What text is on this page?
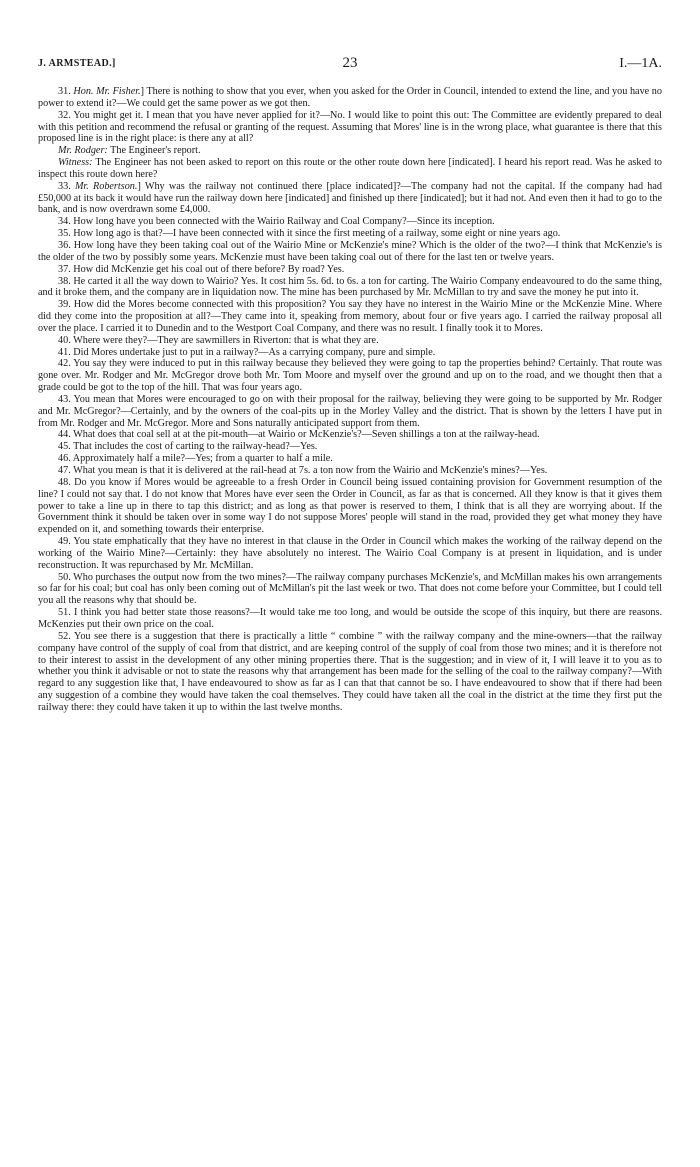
J. ARMSTEAD.]	23	I.—1A.

31. Hon. Mr. Fisher.] There is nothing to show that you ever, when you asked for the Order in Council, intended to extend the line, and you have no power to extend it?—We could get the same power as we got then.

32. You might get it. I mean that you have never applied for it?—No. I would like to point this out: The Committee are evidently prepared to deal with this petition and recommend the refusal or granting of the request. Assuming that Mores' line is in the wrong place, what guarantee is there that this proposed line is in the right place: is there any at all?

Mr. Rodger: The Engineer's report.

Witness: The Engineer has not been asked to report on this route or the other route down here [indicated]. I heard his report read. Was he asked to inspect this route down here?

33. Mr. Robertson.] Why was the railway not continued there [place indicated]?—The company had not the capital. If the company had had £50,000 at its back it would have run the railway down here [indicated] and finished up there [indicated]; but it had not. And even then it had to go to the bank, and is now overdrawn some £4,000.

34. How long have you been connected with the Wairio Railway and Coal Company?—Since its inception.

35. How long ago is that?—I have been connected with it since the first meeting of a railway, some eight or nine years ago.

36. How long have they been taking coal out of the Wairio Mine or McKenzie's mine? Which is the older of the two?—I think that McKenzie's is the older of the two by possibly some years. McKenzie must have been taking coal out of there for the last ten or twelve years.

37. How did McKenzie get his coal out of there before? By road? Yes.

38. He carted it all the way down to Wairio? Yes. It cost him 5s. 6d. to 6s. a ton for carting. The Wairio Company endeavoured to do the same thing, and it broke them, and the company are in liquidation now. The mine has been purchased by Mr. McMillan to try and save the money he put into it.

39. How did the Mores become connected with this proposition? You say they have no interest in the Wairio Mine or the McKenzie Mine. Where did they come into the proposition at all?—They came into it, speaking from memory, about four or five years ago. I carried the railway proposal all over the place. I carried it to Dunedin and to the Westport Coal Company, and there was no result. I finally took it to Mores.

40. Where were they?—They are sawmillers in Riverton: that is what they are.

41. Did Mores undertake just to put in a railway?—As a carrying company, pure and simple.

42. You say they were induced to put in this railway because they believed they were going to tap the properties behind? Certainly. That route was gone over. Mr. Rodger and Mr. McGregor drove both Mr. Tom Moore and myself over the ground and up on to the road, and we thought then that a grade could be got to the top of the hill. That was four years ago.

43. You mean that Mores were encouraged to go on with their proposal for the railway, believing they were going to be supported by Mr. Rodger and Mr. McGregor?—Certainly, and by the owners of the coal-pits up in the Morley Valley and the district. That is shown by the letters I have put in from Mr. Rodger and Mr. McGregor. More and Sons naturally anticipated support from them.

44. What does that coal sell at at the pit-mouth—at Wairio or McKenzie's?—Seven shillings a ton at the railway-head.

45. That includes the cost of carting to the railway-head?—Yes.

46. Approximately half a mile?—Yes; from a quarter to half a mile.

47. What you mean is that it is delivered at the rail-head at 7s. a ton now from the Wairio and McKenzie's mines?—Yes.

48. Do you know if Mores would be agreeable to a fresh Order in Council being issued containing provision for Government resumption of the line? I could not say that. I do not know that Mores have ever seen the Order in Council, as far as that is concerned. All they know is that it gives them power to take a line up in there to tap this district; and as long as that power is reserved to them, I think that is all they are worrying about. If the Government think it should be taken over in some way I do not suppose Mores' people will stand in the road, provided they get what money they have expended on it, and something towards their enterprise.

49. You state emphatically that they have no interest in that clause in the Order in Council which makes the working of the railway depend on the working of the Wairio Mine?—Certainly: they have absolutely no interest. The Wairio Coal Company is at present in liquidation, and is under reconstruction. It was repurchased by Mr. McMillan.

50. Who purchases the output now from the two mines?—The railway company purchases McKenzie's, and McMillan makes his own arrangements so far for his coal; but coal has only been coming out of McMillan's pit the last week or two. That does not come before your Committee, but I could tell you all the reasons why that should be.

51. I think you had better state those reasons?—It would take me too long, and would be outside the scope of this inquiry, but there are reasons. McKenzies put their own price on the coal.

52. You see there is a suggestion that there is practically a little “ combine ” with the railway company and the mine-owners—that the railway company have control of the supply of coal from that district, and are keeping control of the supply of coal from those two mines; and it is therefore not to their interest to assist in the development of any other mining properties there. That is the suggestion; and in view of it, I will leave it to you as to whether you think it advisable or not to state the reasons why that arrangement has been made for the selling of the coal to the railway company?—With regard to any suggestion like that, I have endeavoured to show as far as I can that that cannot be so. I have endeavoured to show that if there had been any suggestion of a combine they would have taken the coal themselves. They could have taken all the coal in the district at the time they first put the railway there: they could have taken it up to within the last twelve months.
